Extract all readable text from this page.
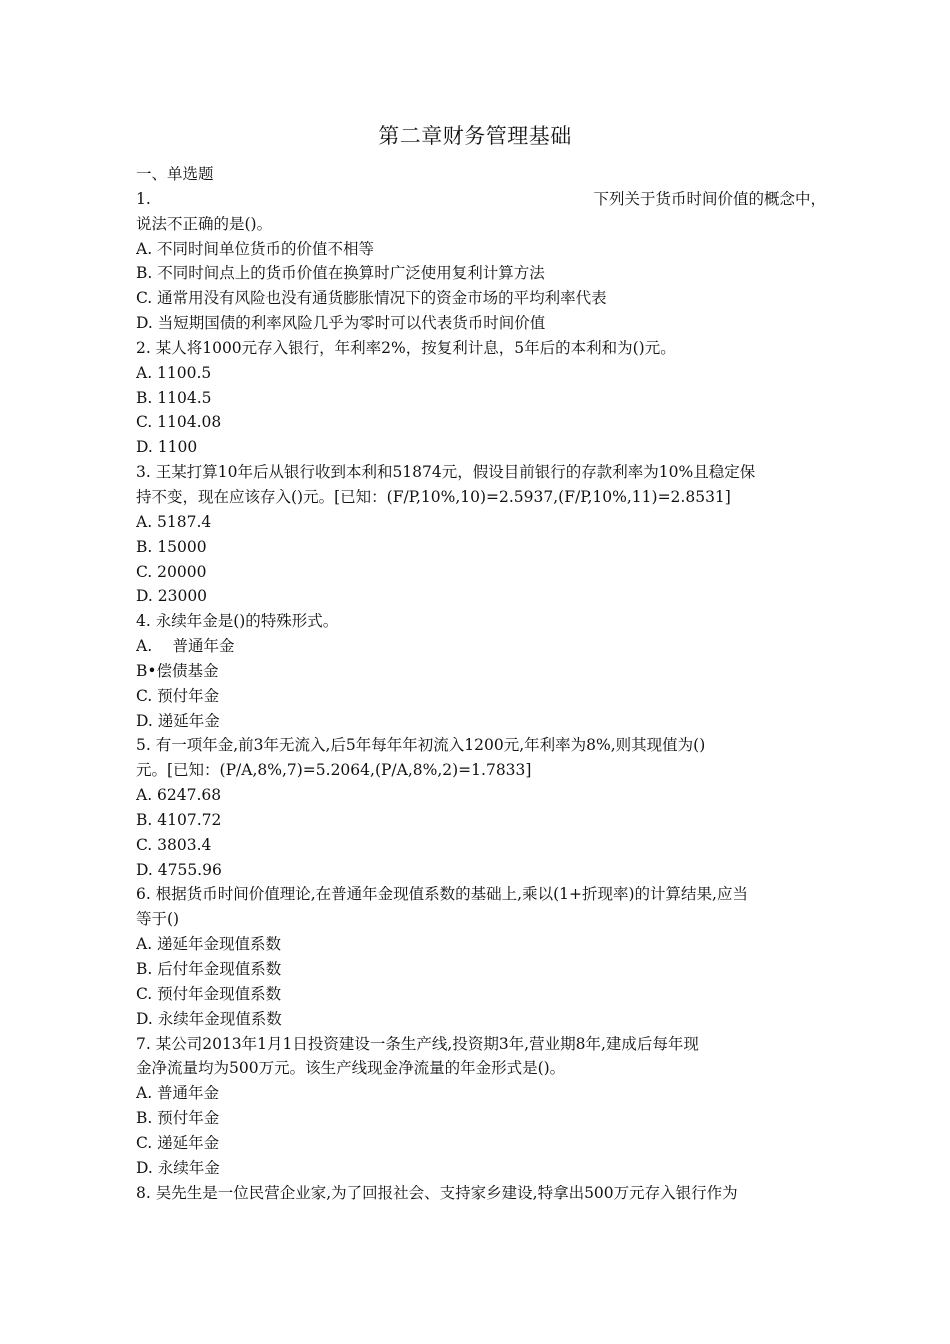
第二章财务管理基础
一、单选题
1.	下列关于货币时间价值的概念中，
说法不正确的是()。
A. 不同时间单位货币的价值不相等
B. 不同时间点上的货币价值在换算时广泛使用复利计算方法
C. 通常用没有风险也没有通货膨胀情况下的资金市场的平均利率代表
D. 当短期国债的利率风险几乎为零时可以代表货币时间价值
2. 某人将1000元存入银行，年利率2%，按复利计息，5年后的本利和为()元。
A. 1100.5
B. 1104.5
C. 1104.08
D. 1100
3. 王某打算10年后从银行收到本利和51874元，假设目前银行的存款利率为10%且稳定保
持不变，现在应该存入()元。[已知：(F/P,10%,10)=2.5937,(F/P,10%,11)=2.8531]
A. 5187.4
B. 15000
C. 20000
D. 23000
4. 永续年金是()的特殊形式。
A.　 普通年金
B•偿债基金
C. 预付年金
D. 递延年金
5. 有一项年金,前3年无流入,后5年每年年初流入1200元,年利率为8%,则其现值为()
元。[已知：(P/A,8%,7)=5.2064,(P/A,8%,2)=1.7833]
A. 6247.68
B. 4107.72
C. 3803.4
D. 4755.96
6. 根据货币时间价值理论,在普通年金现值系数的基础上,乘以(1+折现率)的计算结果,应当
等于()
A. 递延年金现值系数
B. 后付年金现值系数
C. 预付年金现值系数
D. 永续年金现值系数
7. 某公司2013年1月1日投资建设一条生产线,投资期3年,营业期8年,建成后每年现
金净流量均为500万元。该生产线现金净流量的年金形式是()。
A. 普通年金
B. 预付年金
C. 递延年金
D. 永续年金
8. 吴先生是一位民营企业家,为了回报社会、支持家乡建设,特拿出500万元存入银行作为
